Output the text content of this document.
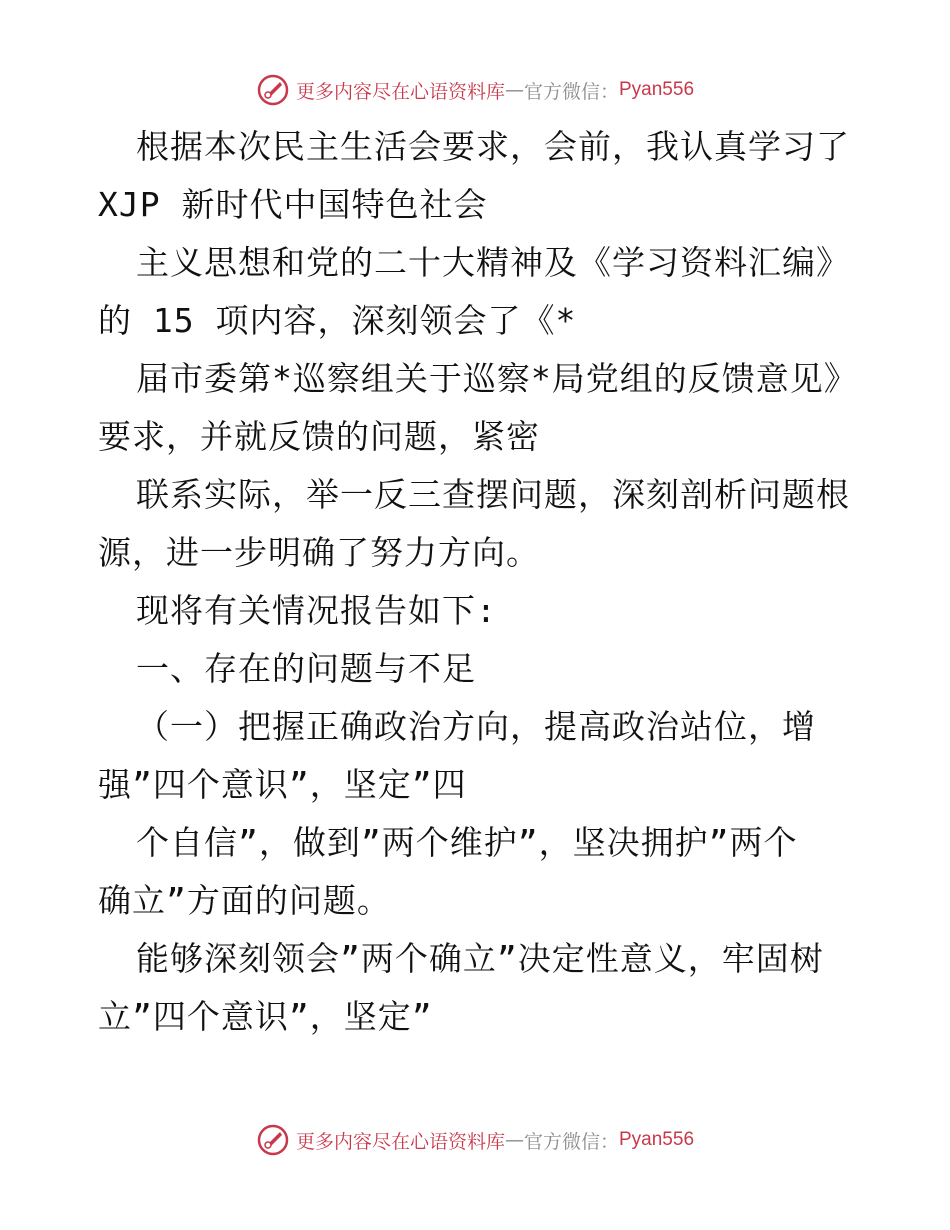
更多内容尽在心语资料库 — 官方微信： Pyan556
根据本次民主生活会要求，会前，我认真学习了
XJP 新时代中国特色社会
主义思想和党的二十大精神及《学习资料汇编》
的 15 项内容，深刻领会了《*
届市委第*巡察组关于巡察*局党组的反馈意见》
要求，并就反馈的问题，紧密
联系实际，举一反三查摆问题，深刻剖析问题根
源，进一步明确了努力方向。
现将有关情况报告如下:
一、存在的问题与不足
（一）把握正确政治方向，提高政治站位，增
强”四个意识”，坚定”四
个自信”，做到”两个维护”，坚决拥护”两个
确立”方面的问题。
能够深刻领会”两个确立”决定性意义，牢固树
立”四个意识”，坚定”
更多内容尽在心语资料库 — 官方微信： Pyan556
